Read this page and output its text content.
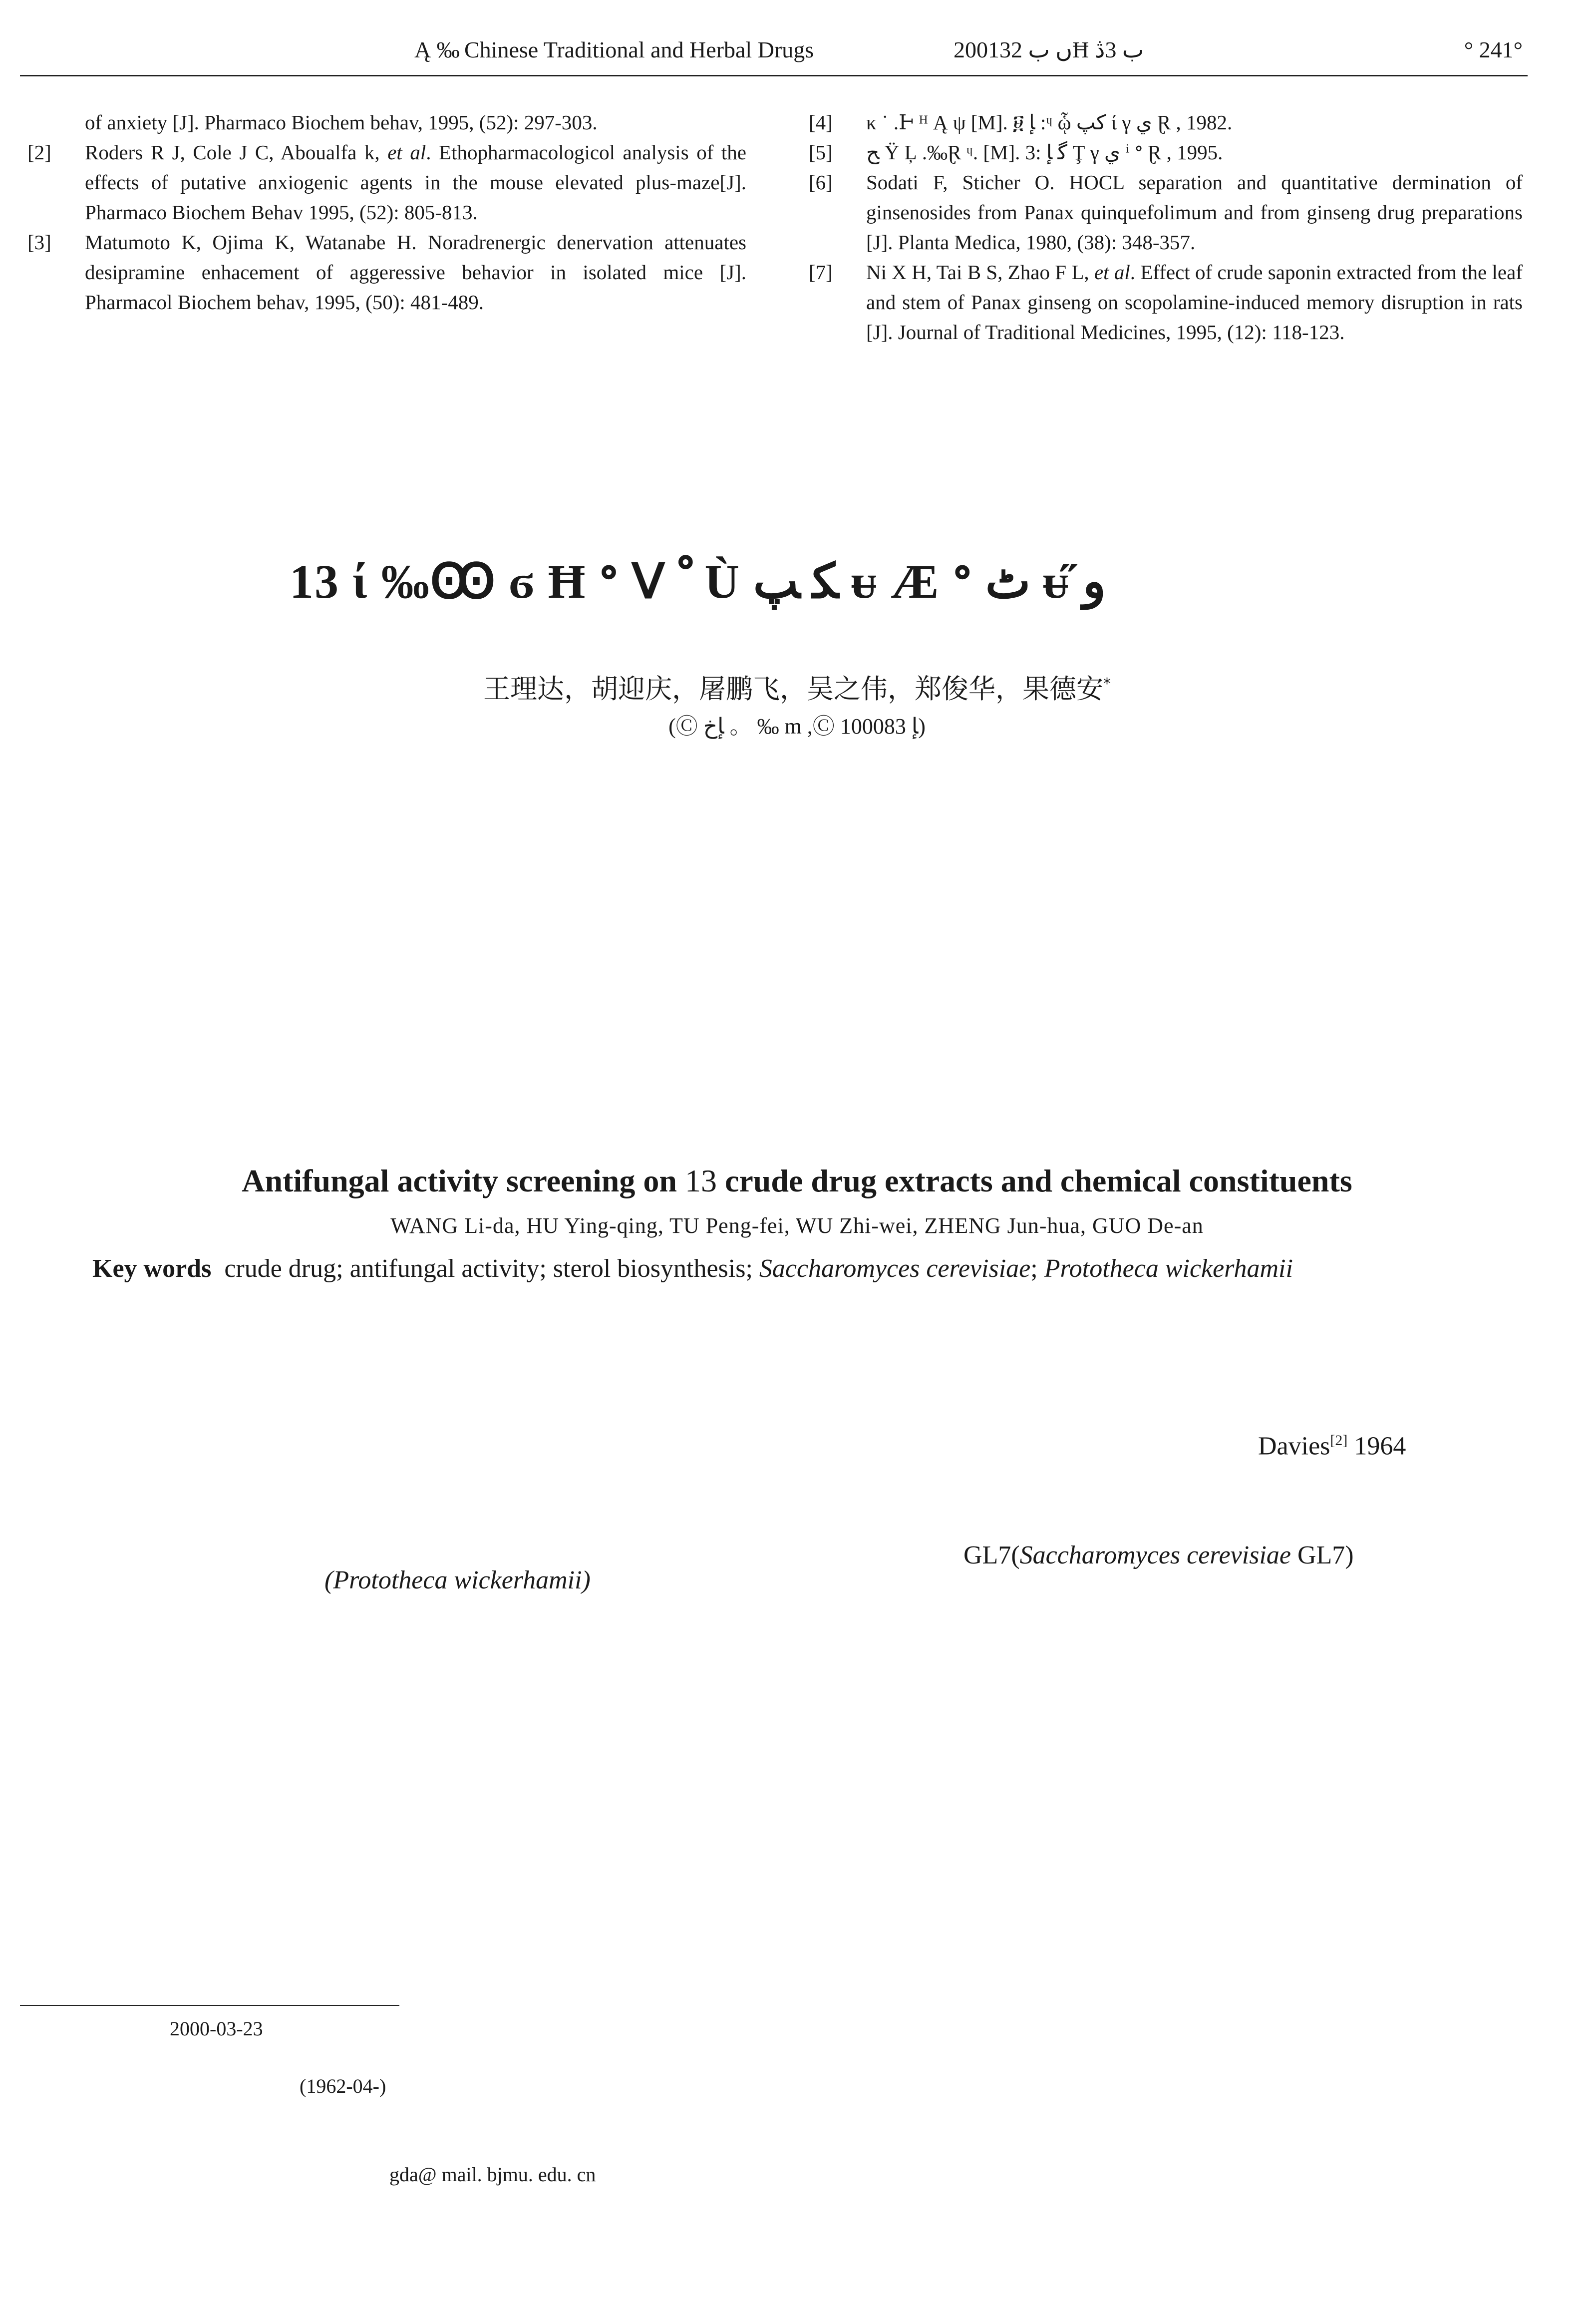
Ą ‰ Chinese Traditional and Herbal Drugs	2001ں ب 32Ħ ب 3ﮆ	° 241°
of anxiety [J]. Pharmaco Biochem behav, 1995, (52): 297-303.
[2]	Roders R J, Cole J C, Aboualfa k, et al. Ethopharmacologicol analysis of the effects of putative anxiogenic agents in the mouse elevated plus-maze[J]. Pharmaco Biochem Behav 1995, (52): 805-813.
[3]	Matumoto K, Ojima K, Watanabe H. Noradrenergic denervation attenuates desipramine enhacement of aggeressive behavior in isolated mice [J]. Pharmacol Biochem behav, 1995, (50): 481-489.
[4]	κ ˙ .Ͱ ᴴ Ą ψ [M]. ፱ ﺈ :ᶣ ᾧ ﮐﭗ ί γ ﻱ Ɽ , 1982.
[5]	ﺢ Ÿ Ļ .‰Ɽ ᶣ. [M]. ﮔ ﺈ :3 Ţ γ ﻱ ⁱ ᐤ Ɽ , 1995.
[6]	Sodati F, Sticher O. HOCL separation and quantitative dermination of ginsenosides from Panax quinquefolimum and from ginseng drug preparations [J]. Planta Medica, 1980, (38): 348-357.
[7]	Ni X H, Tai B S, Zhao F L, et al. Effect of crude saponin extracted from the leaf and stem of Panax ginseng on scopolamine-induced memory disruption in rats [J]. Journal of Traditional Medicines, 1995, (12): 118-123.
13 ί ‰Ꙭ ϭ Ħ ᐤ ᐯ ﹾ Ù ﮑ ﭗ ᵾ Æ ᐤ ﭦ ᵾ̋ و
王理达，胡迎庆，屠鹏飞，吴之伟，郑俊华，果德安*
(Ⓒ ﺈﺥ 。 ‰ m ,Ⓒ ﺈ 100083)
Antifungal activity screening on 13 crude drug extracts and chemical constituents
WANG Li-da, HU Ying-qing, TU Peng-fei, WU Zhi-wei, ZHENG Jun-hua, GUO De-an
Key words crude drug; antifungal activity; sterol biosynthesis; Saccharomyces cerevisiae; Prototheca wickerhamii
(Prototheca wickerhamii)
Davies[2] 1964
GL7(Saccharomyces cerevisiae GL7)
2000-03-23
(1962-04-)
gda@ mail. bjmu. edu. cn
